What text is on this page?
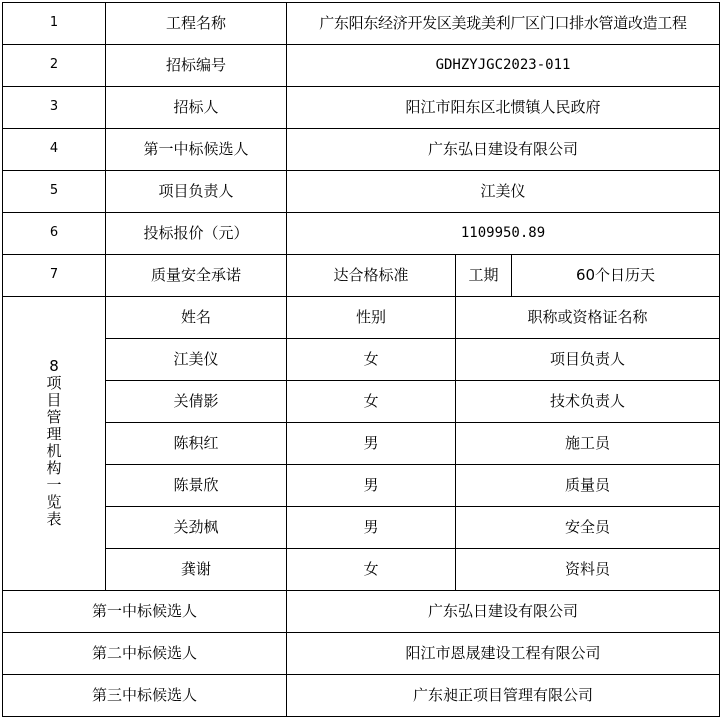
1	工程名称	广东阳东经济开发区美珑美利厂区门口排水管道改造工程		
2	招标编号	GDHZYJGC2023-011		
3	招标人	阳江市阳东区北惯镇人民政府		
4	第一中标候选人	广东弘日建设有限公司		
5	项目负责人	江美仪		
6	投标报价（元）	1109950.89		
7	质量安全承诺	达合格标准	工期	60个日历天
8项目管理机构一览表	姓名	性别	职称或资格证名称	
	江美仪	女	项目负责人	
	关倩影	女	技术负责人	
	陈积红	男	施工员	
	陈景欣	男	质量员	
	关劲枫	男	安全员	
	龚谢	女	资料员	
第一中标候选人		广东弘日建设有限公司		
第二中标候选人		阳江市恩晟建设工程有限公司		
第三中标候选人		广东昶正项目管理有限公司		
